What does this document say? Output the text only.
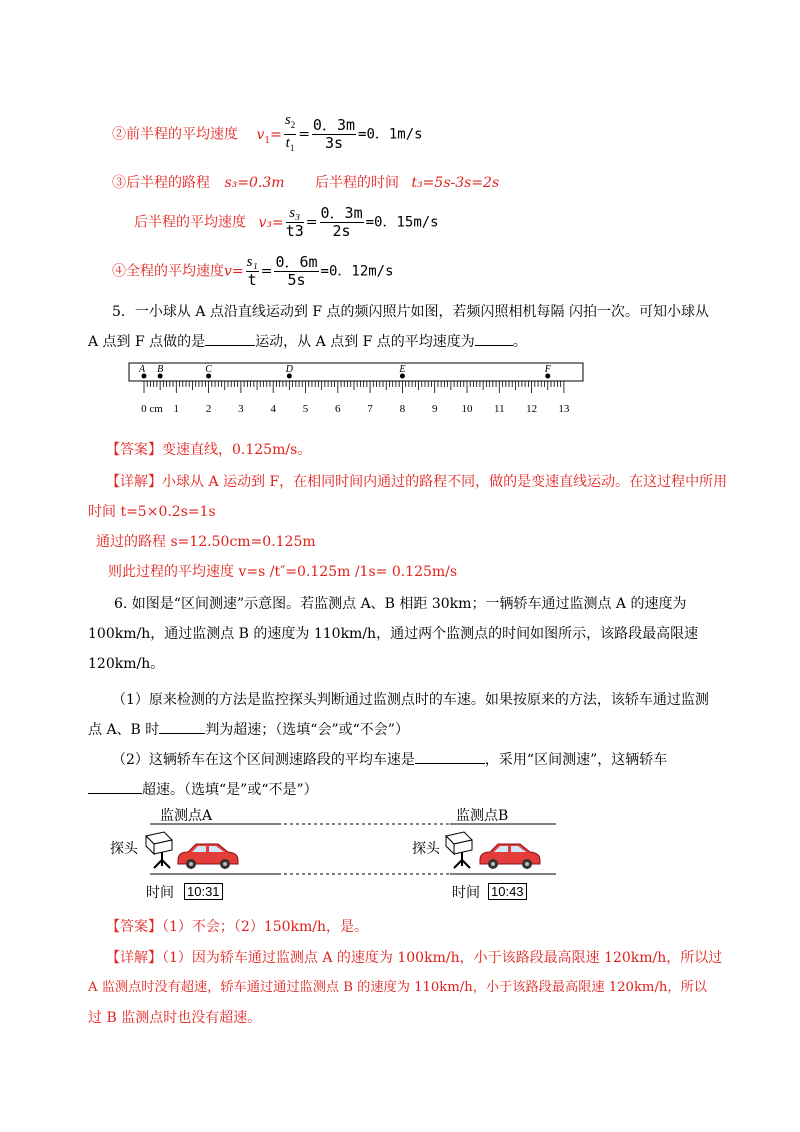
②前半程的平均速度 $v_1= \frac{s_2}{t_1} = \frac{0.3m}{3s} =0$．1m/s
③后半程的路程 s₃=0.3m 后半程的时间 t₃=5s-3s=2s
后半程的平均速度 $v_3= \frac{\text{s₃}}{t3} = \frac{0.3m}{2s} =0$．15m/s
④全程的平均速度$v= \frac{\text{s₁}}{t} = \frac{0.6m}{5s} =0$．12m/s
5．一小球从 A 点沿直线运动到 F 点的频闪照片如图，若频闪照相机每隔 闪拍一次。可知小球从
A 点到 F 点做的是	运动，从 A 点到 F 点的平均速度为	。
A B	C	D	E	F
0 cm 1 2 3 4 5 6 7 8 9 10 11 12 13
【答案】变速直线，0.125m/s。
【详解】小球从 A 运动到 F，在相同时间内通过的路程不同，做的是变速直线运动。在这过程中所用
时间 t=5×0.2s=1s
通过的路程 s=12.50cm=0.125m
则此过程的平均速度 v=s /t″=0.125m /1s= 0.125m/s
6. 如图是“区间测速”示意图。若监测点 A、B 相距 30km；一辆轿车通过监测点 A 的速度为
100km/h，通过监测点 B 的速度为 110km/h，通过两个监测点的时间如图所示，该路段最高限速
120km/h。
（1）原来检测的方法是监控探头判断通过监测点时的车速。如果按原来的方法，该轿车通过监测
点 A、B 时	判为超速；（选填“会”或“不会”）
（2）这辆轿车在这个区间测速路段的平均车速是	，采用“区间测速”，这辆轿车
超速。（选填“是”或“不是”）
监测点A	监测点B
探头	探头
时间 10:31	时间 10:43
【答案】（1）不会；（2）150km/h，是。
【详解】（1）因为轿车通过监测点 A 的速度为 100km/h，小于该路段最高限速 120km/h，所以过
A 监测点时没有超速，轿车通过通过监测点 B 的速度为 110km/h，小于该路段最高限速 120km/h，所以
过 B 监测点时也没有超速。
